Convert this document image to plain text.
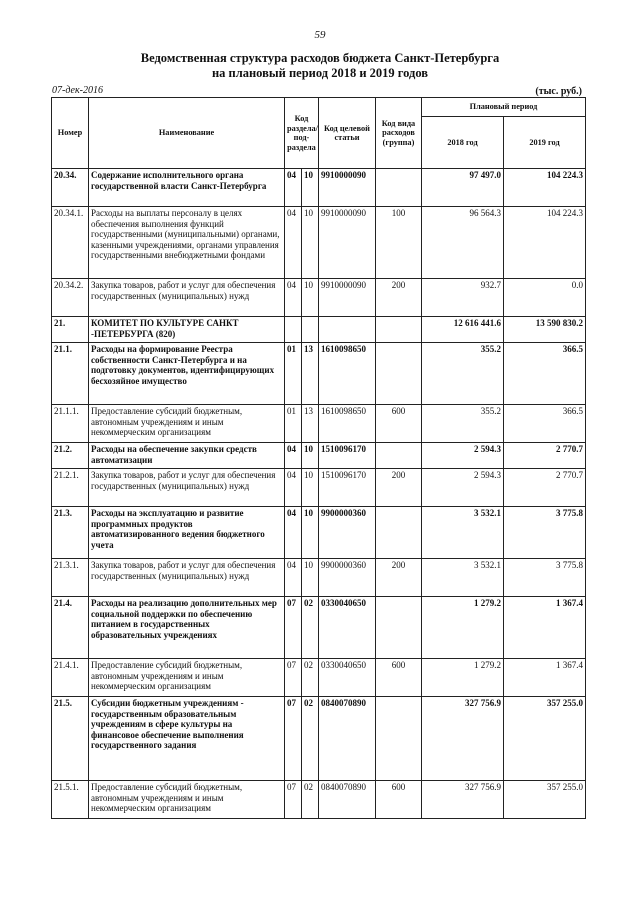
59
Ведомственная структура расходов бюджета Санкт-Петербурга
на плановый период 2018 и 2019 годов
07-дек-2016	(тыс. руб.)
Номер	Наименование	Код раздела/ под- раздела		Код целевой статьи	Код вида расходов (группа)	Плановый период	
						2018 год	2019 год
20.34.	Содержание исполнительного органа государственной власти Санкт-Петербурга	04	10	9910000090		97 497.0	104 224.3
20.34.1.	Расходы на выплаты персоналу в целях обеспечения выполнения функций государственными (муниципальными) органами, казенными учреждениями, органами управления государственными внебюджетными фондами	04	10	9910000090	100	96 564.3	104 224.3
20.34.2.	Закупка товаров, работ и услуг для обеспечения государственных (муниципальных) нужд	04	10	9910000090	200	932.7	0.0
21.	КОМИТЕТ ПО КУЛЬТУРЕ САНКТ -ПЕТЕРБУРГА (820)					12 616 441.6	13 590 830.2
21.1.	Расходы на формирование Реестра собственности Санкт-Петербурга и на подготовку документов, идентифицирующих бесхозяйное имущество	01	13	1610098650		355.2	366.5
21.1.1.	Предоставление субсидий бюджетным, автономным учреждениям и иным некоммерческим организациям	01	13	1610098650	600	355.2	366.5
21.2.	Расходы на обеспечение закупки средств автоматизации	04	10	1510096170		2 594.3	2 770.7
21.2.1.	Закупка товаров, работ и услуг для обеспечения государственных (муниципальных) нужд	04	10	1510096170	200	2 594.3	2 770.7
21.3.	Расходы на эксплуатацию и развитие программных продуктов автоматизированного ведения бюджетного учета	04	10	9900000360		3 532.1	3 775.8
21.3.1.	Закупка товаров, работ и услуг для обеспечения государственных (муниципальных) нужд	04	10	9900000360	200	3 532.1	3 775.8
21.4.	Расходы на реализацию дополнительных мер социальной поддержки по обеспечению питанием в государственных образовательных учреждениях	07	02	0330040650		1 279.2	1 367.4
21.4.1.	Предоставление субсидий бюджетным, автономным учреждениям и иным некоммерческим организациям	07	02	0330040650	600	1 279.2	1 367.4
21.5.	Субсидии бюджетным учреждениям - государственным образовательным учреждениям в сфере культуры на финансовое обеспечение выполнения государственного задания	07	02	0840070890		327 756.9	357 255.0
21.5.1.	Предоставление субсидий бюджетным, автономным учреждениям и иным некоммерческим организациям	07	02	0840070890	600	327 756.9	357 255.0
